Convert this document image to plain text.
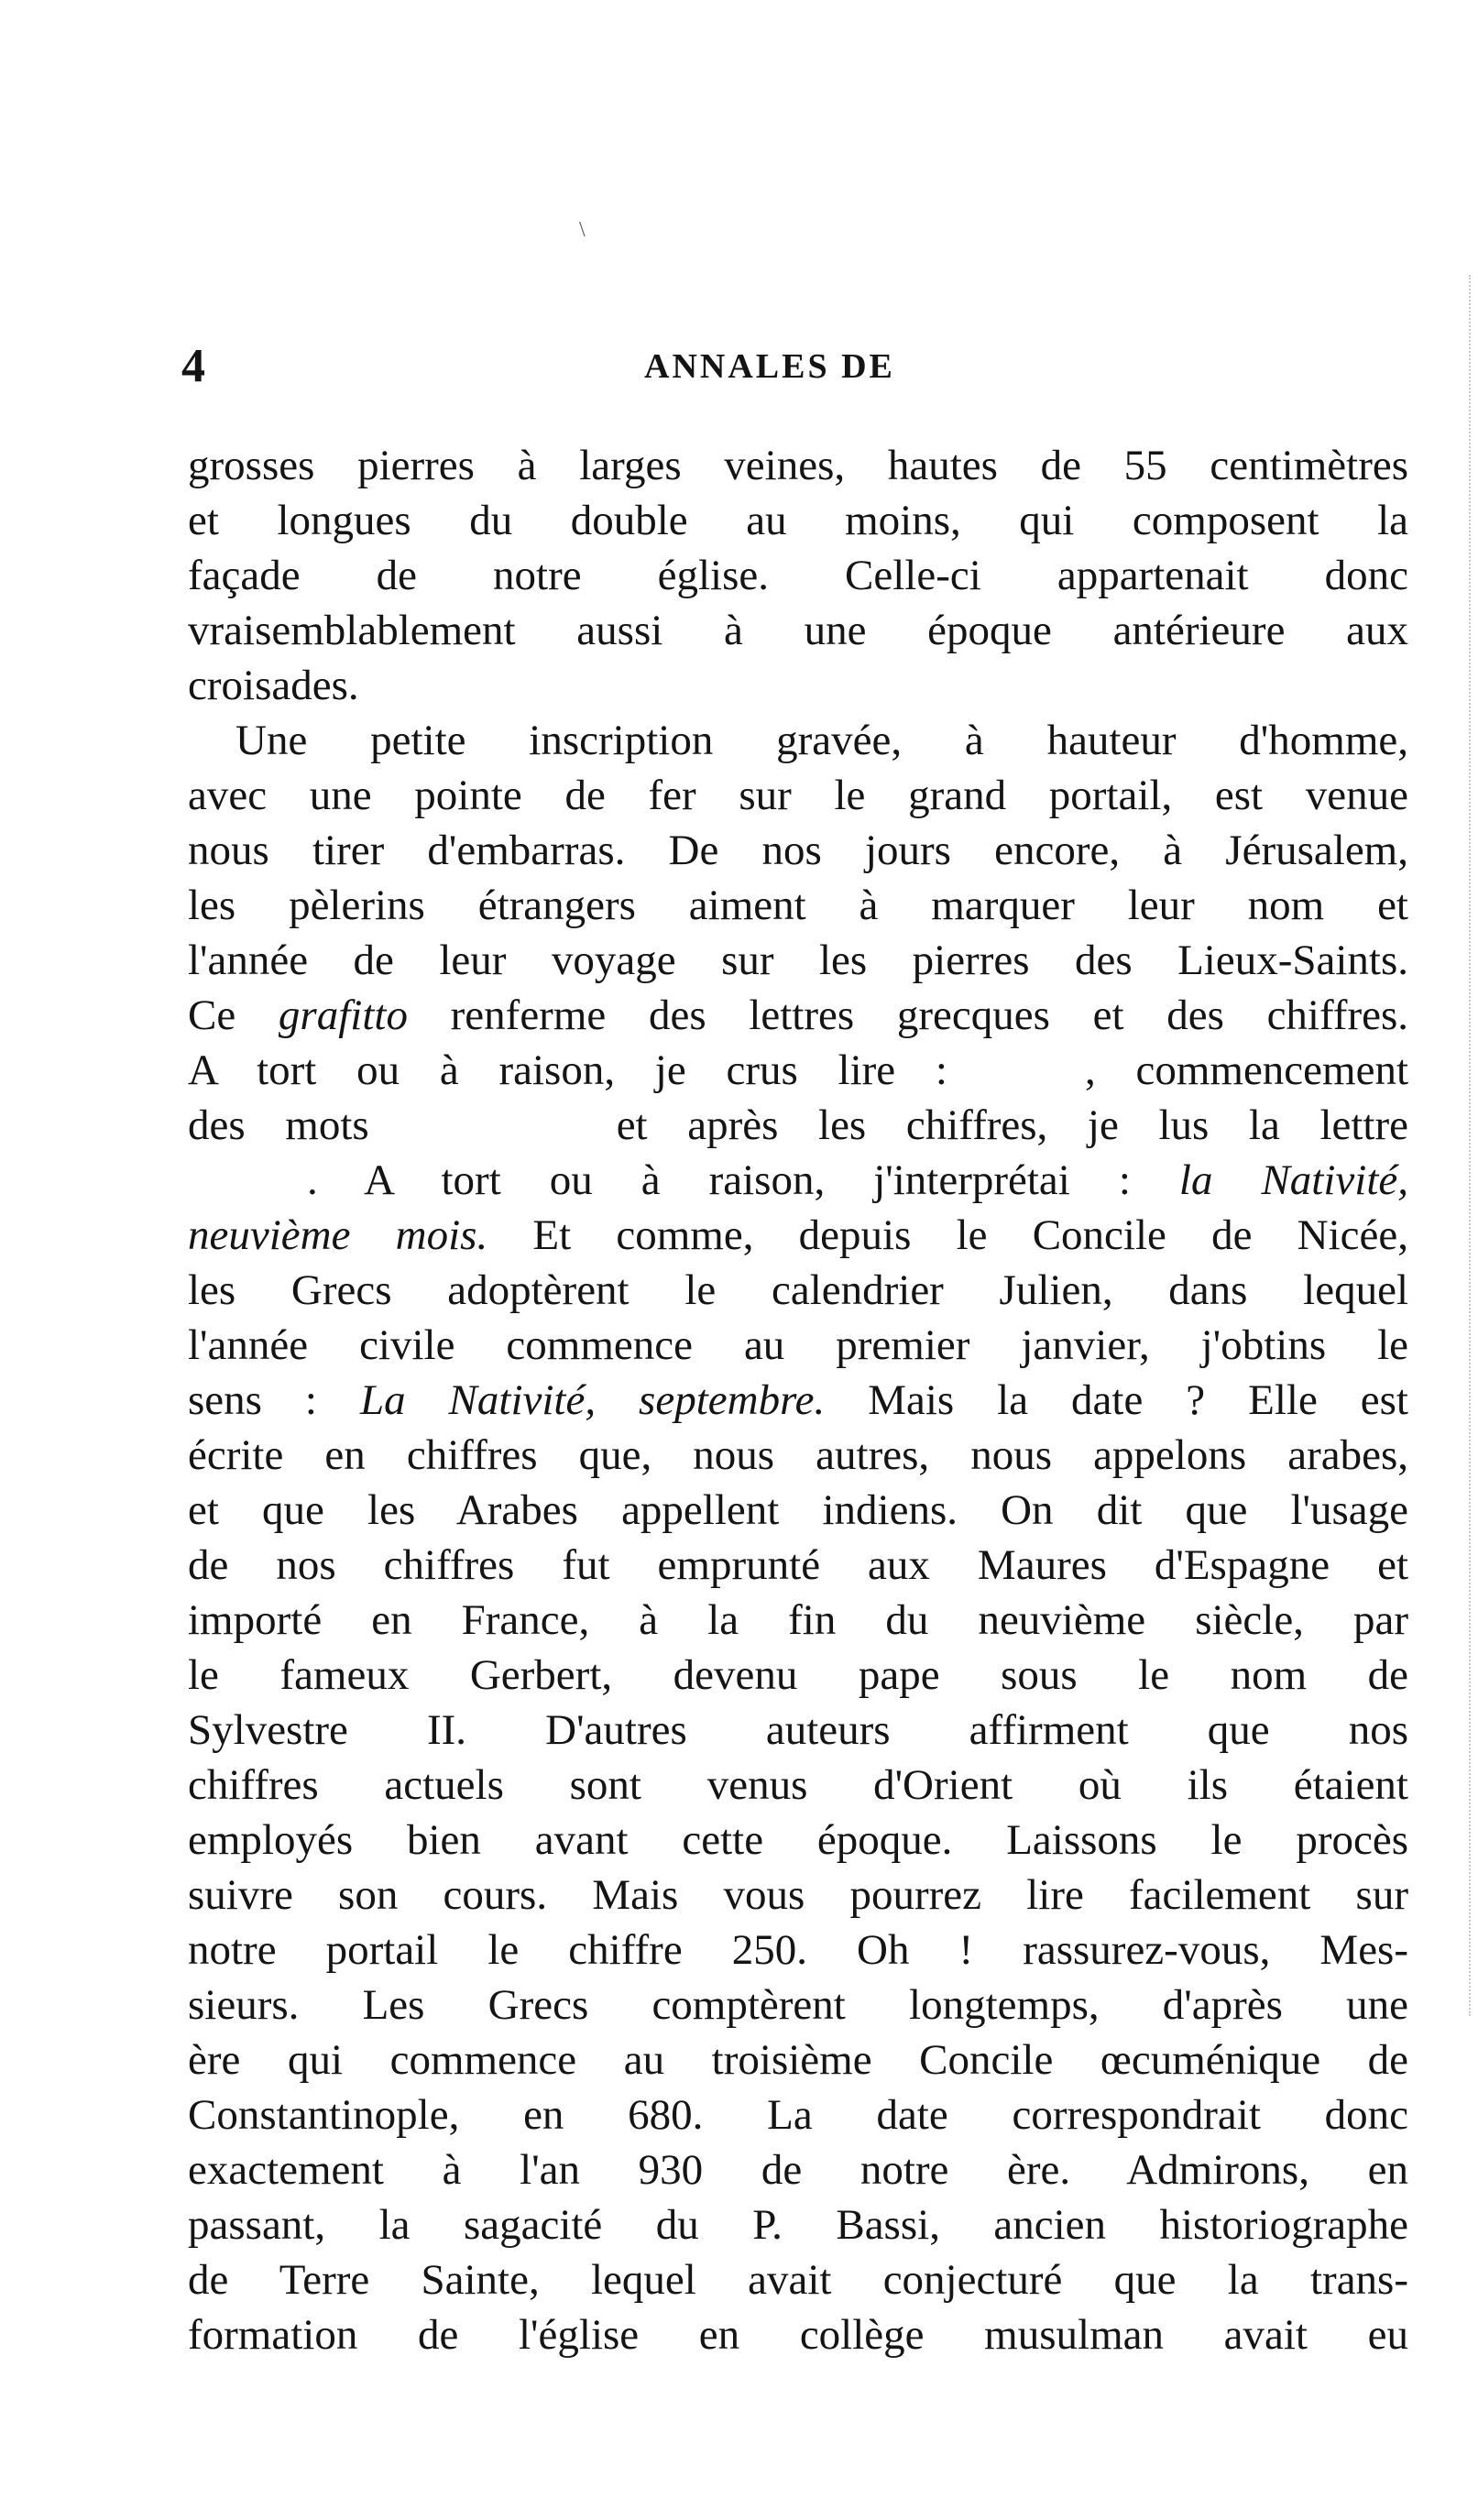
\
4	ANNALES DE
grosses pierres à larges veines, hautes de 55 centimètres
et longues du double au moins, qui composent la
façade de notre église. Celle-ci appartenait donc
vraisemblablement aussi à une époque antérieure aux
croisades.
Une petite inscription gravée, à hauteur d'homme,
avec une pointe de fer sur le grand portail, est venue
nous tirer d'embarras. De nos jours encore, à Jérusalem,
les pèlerins étrangers aiment à marquer leur nom et
l'année de leur voyage sur les pierres des Lieux-Saints.
Ce grafitto renferme des lettres grecques et des chiffres.
A tort ou à raison, je crus lire :	, commencement
des mots	et après les chiffres, je lus la lettre
. A tort ou à raison, j'interprétai : la Nativité,
neuvième mois. Et comme, depuis le Concile de Nicée,
les Grecs adoptèrent le calendrier Julien, dans lequel
l'année civile commence au premier janvier, j'obtins le
sens : La Nativité, septembre. Mais la date ? Elle est
écrite en chiffres que, nous autres, nous appelons arabes,
et que les Arabes appellent indiens. On dit que l'usage
de nos chiffres fut emprunté aux Maures d'Espagne et
importé en France, à la fin du neuvième siècle, par
le fameux Gerbert, devenu pape sous le nom de
Sylvestre II. D'autres auteurs affirment que nos
chiffres actuels sont venus d'Orient où ils étaient
employés bien avant cette époque. Laissons le procès
suivre son cours. Mais vous pourrez lire facilement sur
notre portail le chiffre 250. Oh ! rassurez-vous, Mes-
sieurs. Les Grecs comptèrent longtemps, d'après une
ère qui commence au troisième Concile œcuménique de
Constantinople, en 680. La date correspondrait donc
exactement à l'an 930 de notre ère. Admirons, en
passant, la sagacité du P. Bassi, ancien historiographe
de Terre Sainte, lequel avait conjecturé que la trans-
formation de l'église en collège musulman avait eu
